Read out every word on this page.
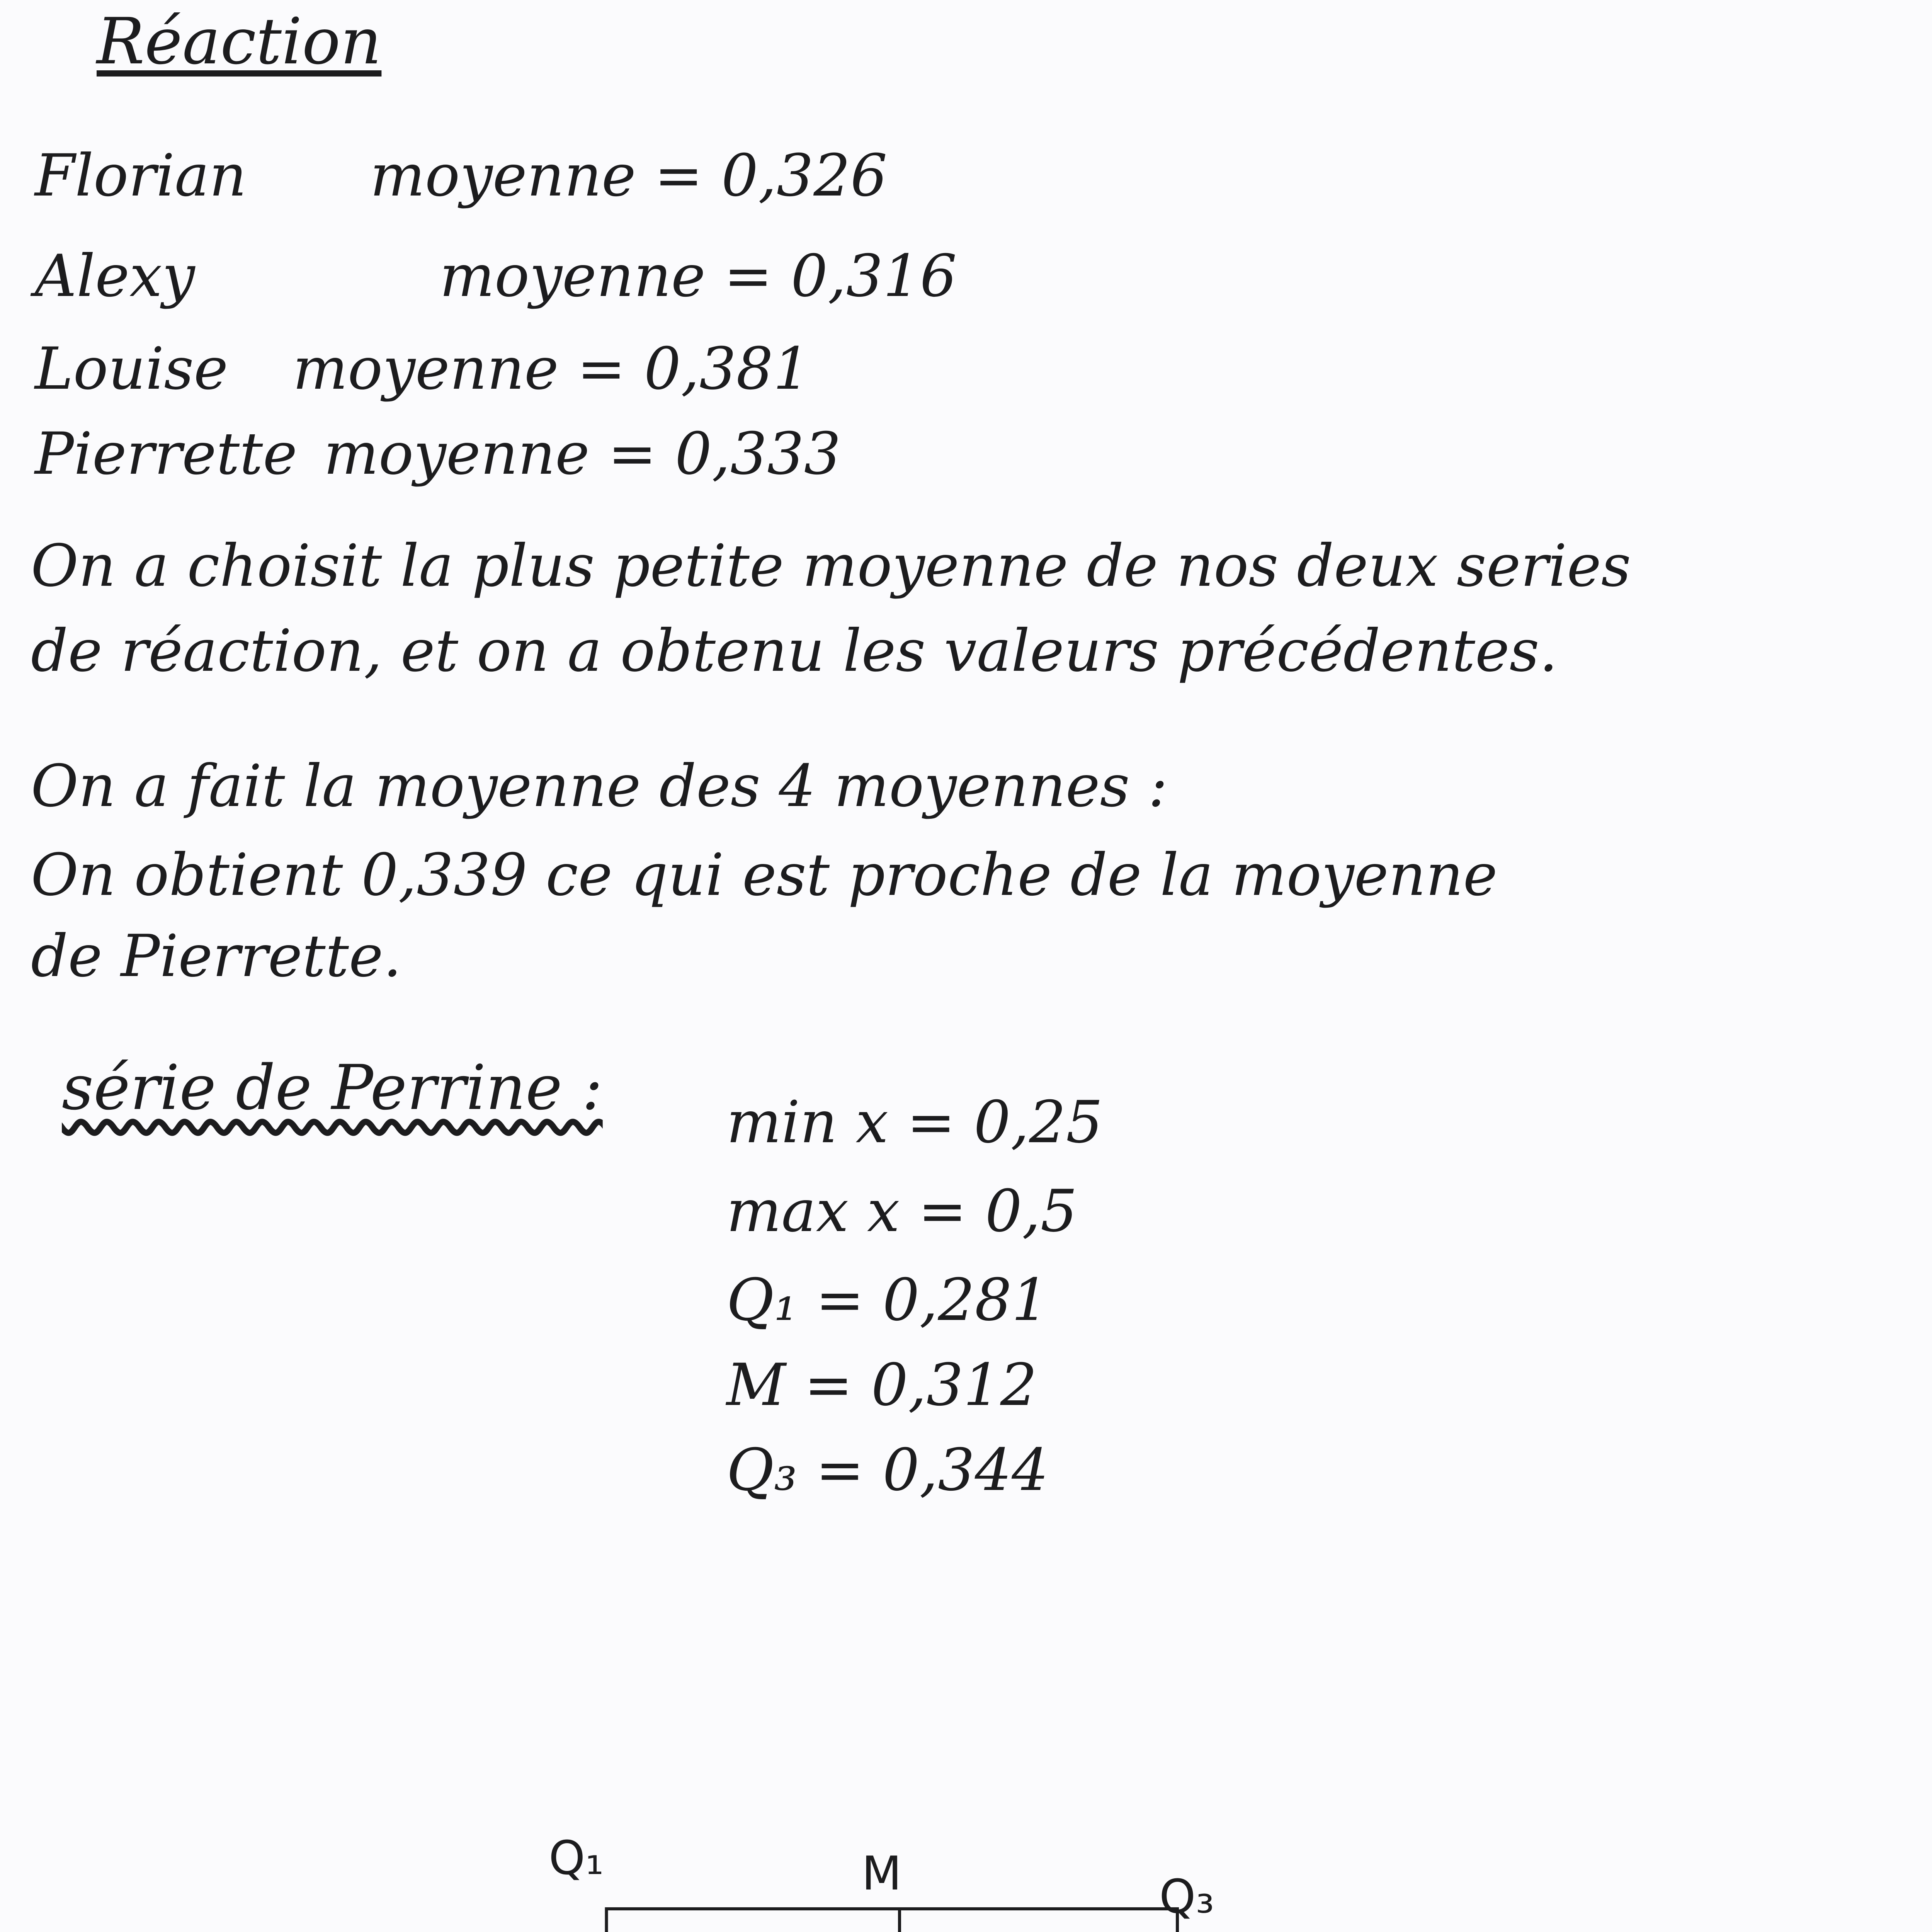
Réaction
Florian moyenne = 0,326
Alexy	moyenne = 0,316
Louise moyenne = 0,381
Pierrette moyenne = 0,333
On a choisit la plus petite moyenne de nos deux series
de réaction, et on a obtenu les valeurs précédentes.
On a fait la moyenne des 4 moyennes :
On obtient 0,339 ce qui est proche de la moyenne
de Pierrette.
série de Perrine : min x = 0,25
max x = 0,5
Q₁ = 0,281
M = 0,312
Q₃ = 0,344
Q₁	M	Q₃
